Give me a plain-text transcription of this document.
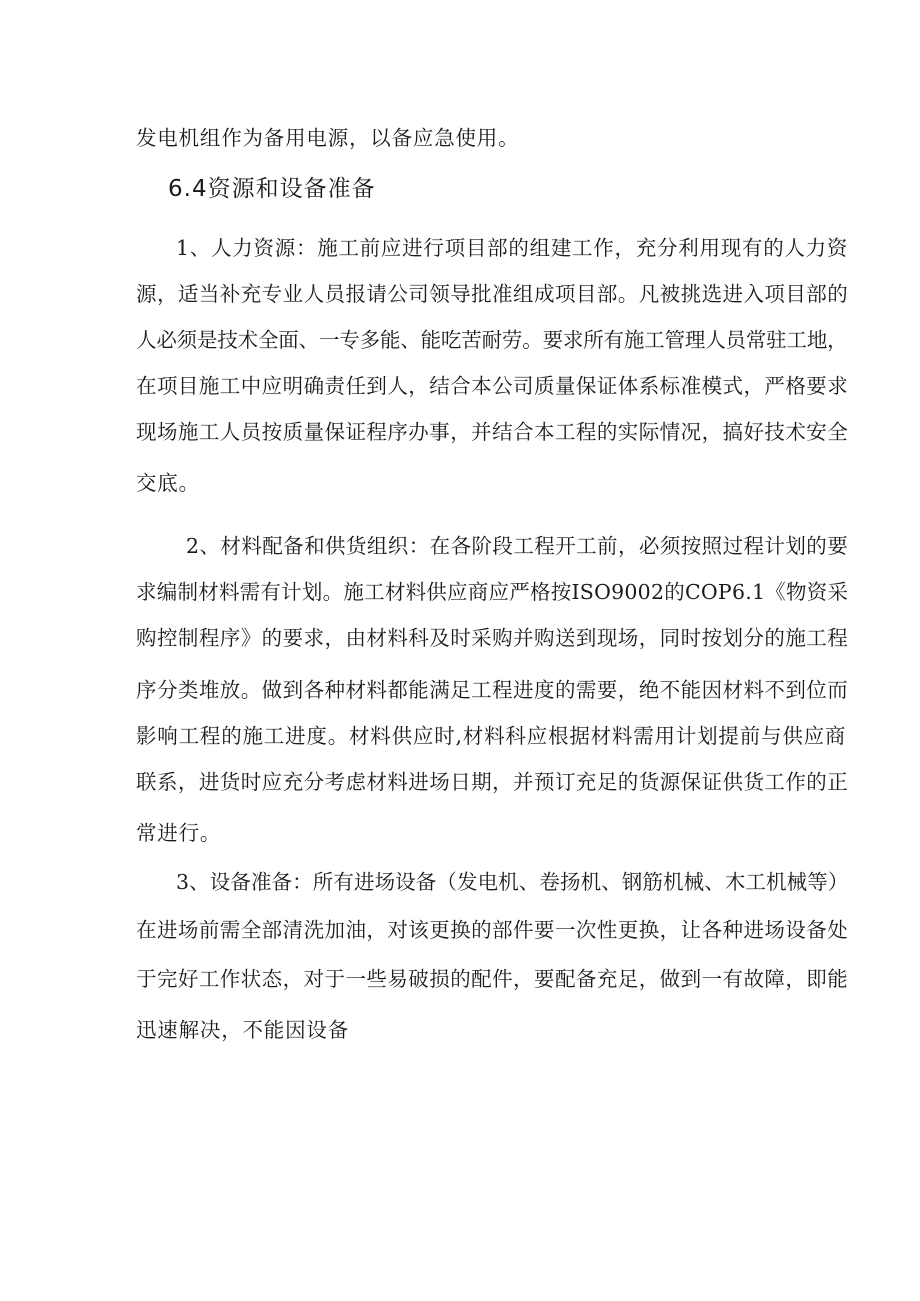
发电机组作为备用电源，以备应急使用。
6.4资源和设备准备
1、人力资源：施工前应进行项目部的组建工作，充分利用现有的人力资
源，适当补充专业人员报请公司领导批准组成项目部。凡被挑选进入项目部的
人必须是技术全面、一专多能、能吃苦耐劳。要求所有施工管理人员常驻工地，
在项目施工中应明确责任到人，结合本公司质量保证体系标准模式，严格要求
现场施工人员按质量保证程序办事，并结合本工程的实际情况，搞好技术安全
交底。
2、材料配备和供货组织：在各阶段工程开工前，必须按照过程计划的要
求编制材料需有计划。施工材料供应商应严格按ISO9002的COP6.1《物资采
购控制程序》的要求，由材料科及时采购并购送到现场，同时按划分的施工程
序分类堆放。做到各种材料都能满足工程进度的需要，绝不能因材料不到位而
影响工程的施工进度。材料供应时,材料科应根据材料需用计划提前与供应商
联系，进货时应充分考虑材料进场日期，并预订充足的货源保证供货工作的正
常进行。
3、设备准备：所有进场设备（发电机、卷扬机、钢筋机械、木工机械等）
在进场前需全部清洗加油，对该更换的部件要一次性更换，让各种进场设备处
于完好工作状态，对于一些易破损的配件，要配备充足，做到一有故障，即能
迅速解决，不能因设备
